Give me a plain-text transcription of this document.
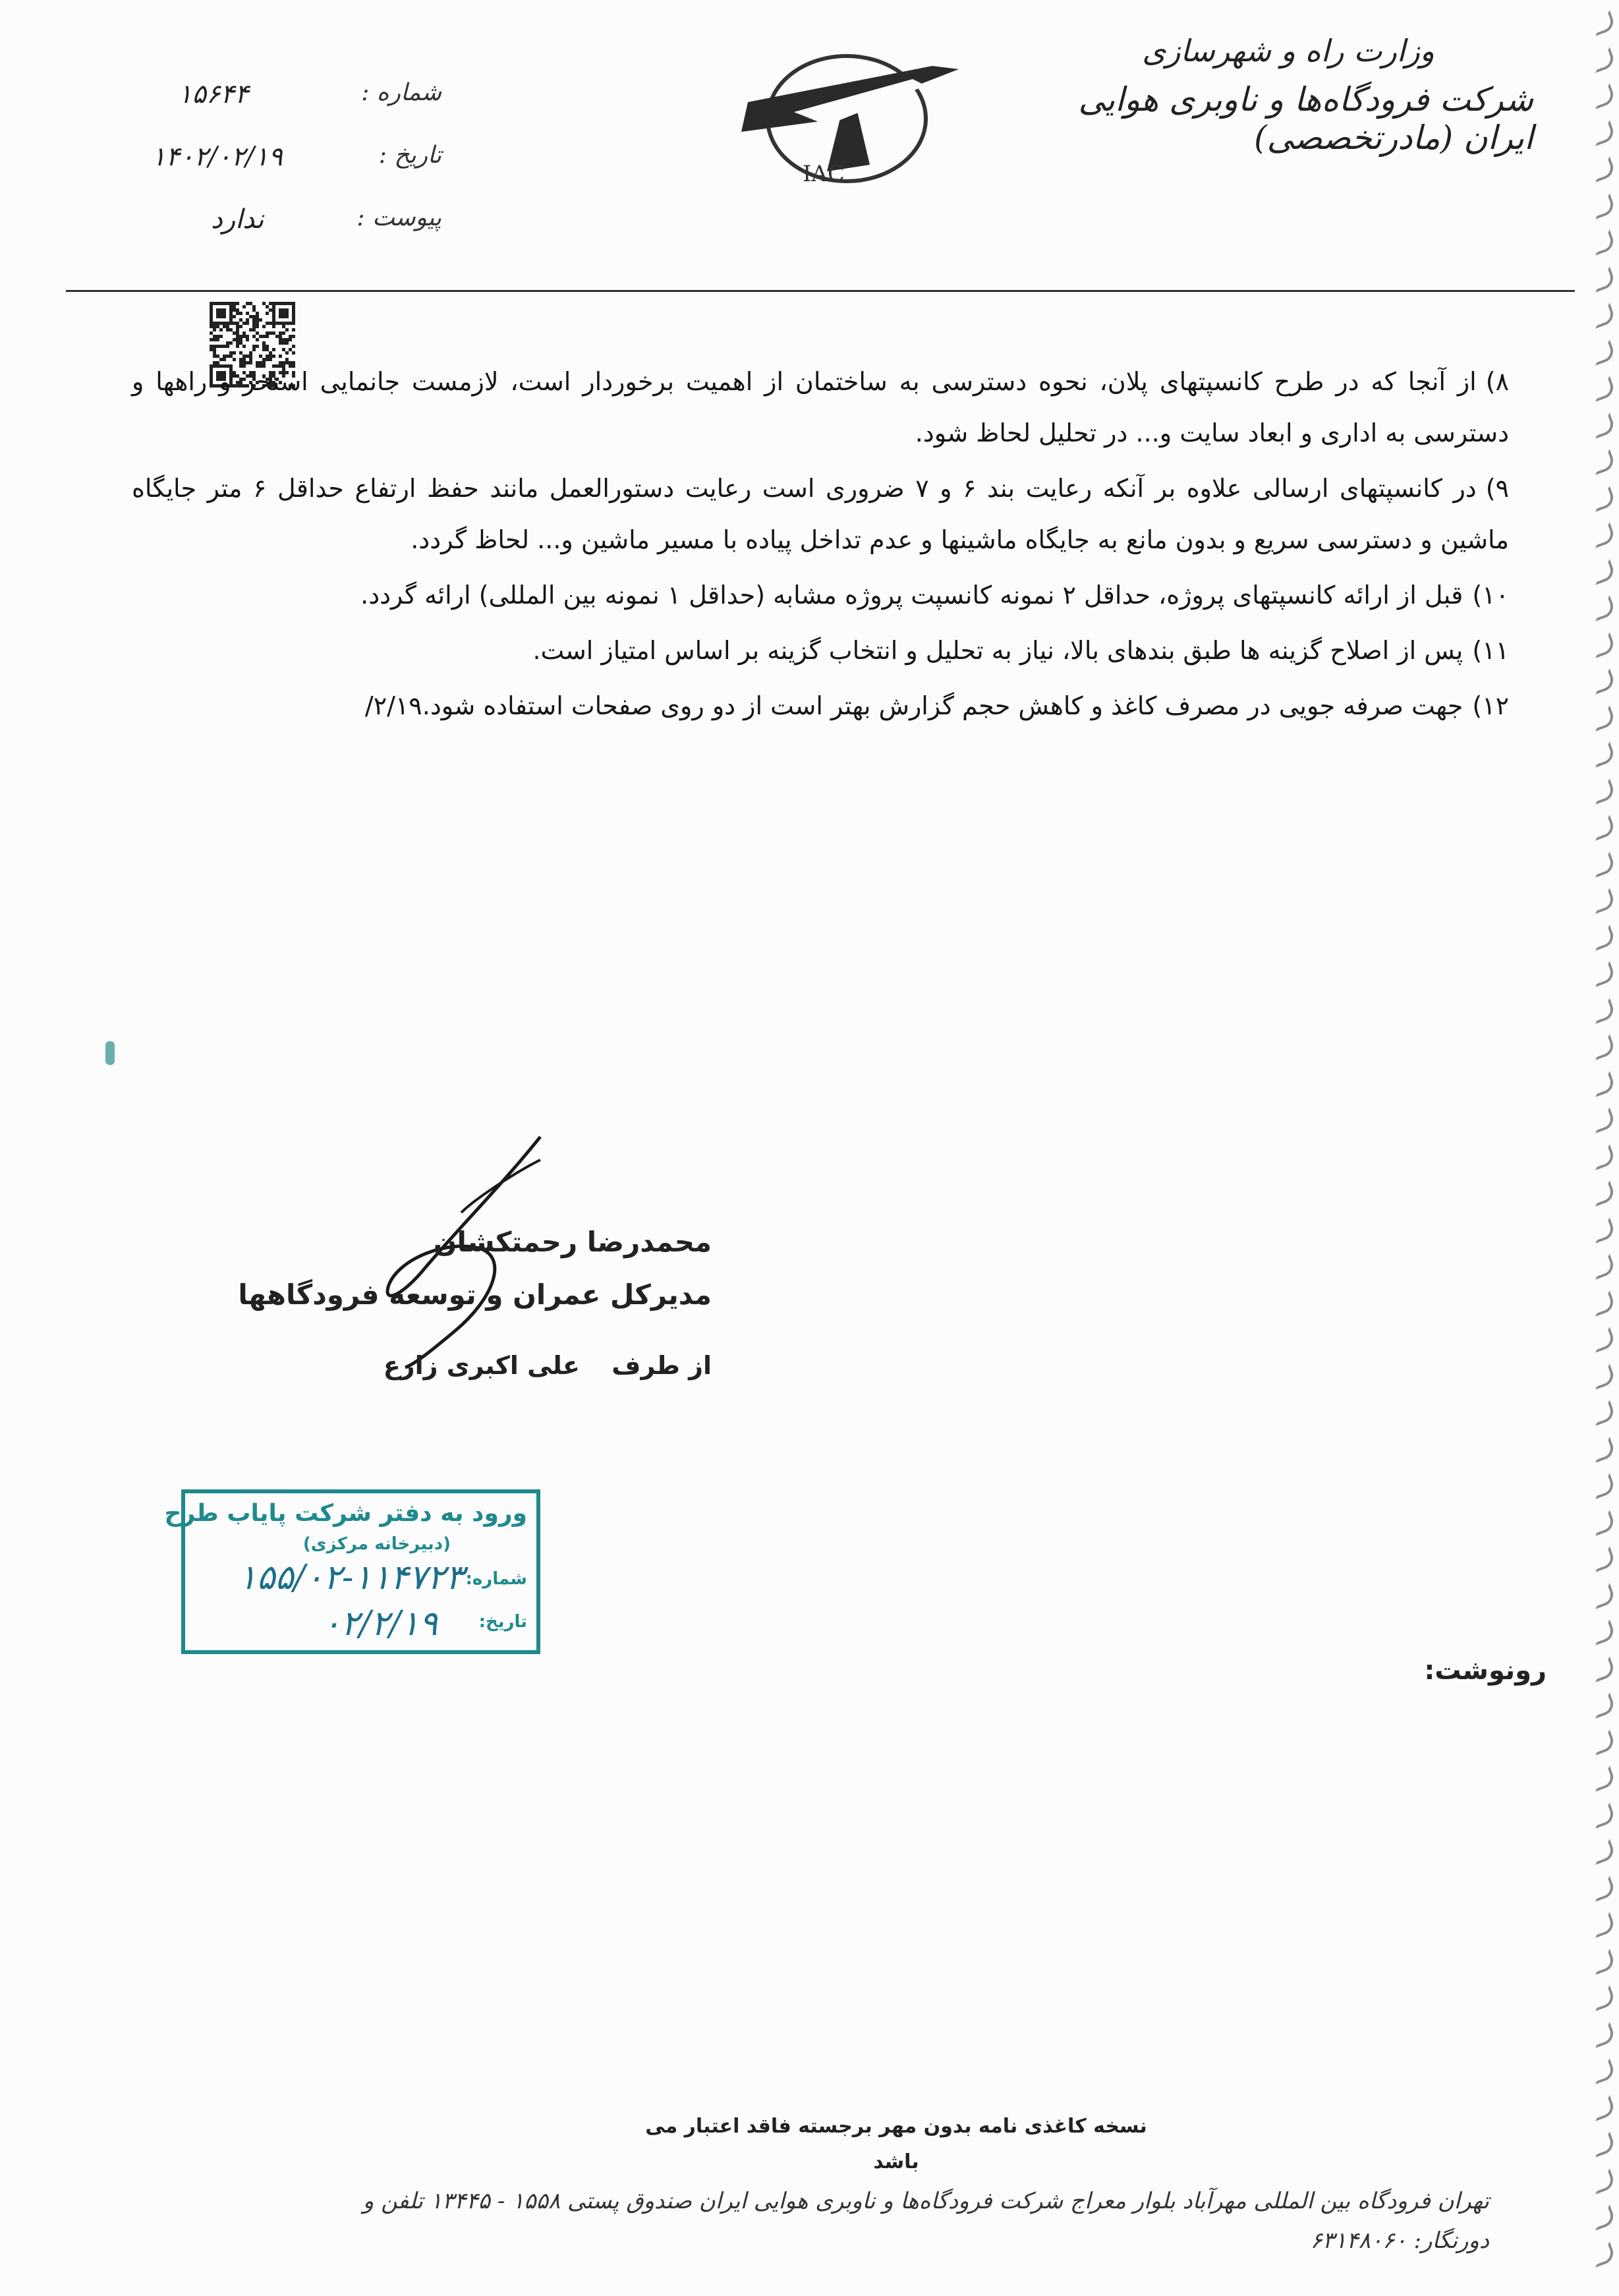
وزارت راه و شهرسازی
شرکت فرودگاه‌ها و ناوبری هوایی ایران (مادرتخصصی)
IAC
شماره :
۱۵۶۴۴
تاریخ :
۱۴۰۲/۰۲/۱۹
پیوست :
ندارد
۸)از آنجا که در طرح کانسپتهای پلان، نحوه دسترسی به ساختمان از اهمیت برخوردار است، لازمست جانمایی استخر و راهها و دسترسی به اداری و ابعاد سایت و... در تحلیل لحاظ شود.
۹)در کانسپتهای ارسالی علاوه بر آنکه رعایت بند ۶ و ۷ ضروری است رعایت دستورالعمل مانند حفظ ارتفاع حداقل ۶ متر جایگاه ماشین و دسترسی سریع و بدون مانع به جایگاه ماشینها و عدم تداخل پیاده با مسیر ماشین و... لحاظ گردد.
۱۰)قبل از ارائه کانسپتهای پروژه، حداقل ۲ نمونه کانسپت پروژه مشابه (حداقل ۱ نمونه بین المللی) ارائه گردد.
۱۱)پس از اصلاح گزینه ها طبق بندهای بالا، نیاز به تحلیل و انتخاب گزینه بر اساس امتیاز است.
۱۲)جهت صرفه جویی در مصرف کاغذ و کاهش حجم گزارش بهتر است از دو روی صفحات استفاده شود.۲/۱۹/
محمدرضا رحمتکشان
مدیرکل عمران و توسعه فرودگاهها
از طرف
علی اکبری زارع
ورود به دفتر شرکت پایاب طرح
(دبیرخانه مرکزی)
شماره:
۱۵۵/۰۲-۱۱۴۷۲۳
تاریخ:
۰۲/۲/۱۹
رونوشت:
نسخه کاغذی نامه بدون مهر برجسته فاقد اعتبار می باشد
تهران فرودگاه بین المللی مهرآباد بلوار معراج شرکت فرودگاه‌ها و ناوبری هوایی ایران صندوق پستی ۱۵۵۸ - ۱۳۴۴۵ تلفن و دورنگار: ۶۳۱۴۸۰۶۰
